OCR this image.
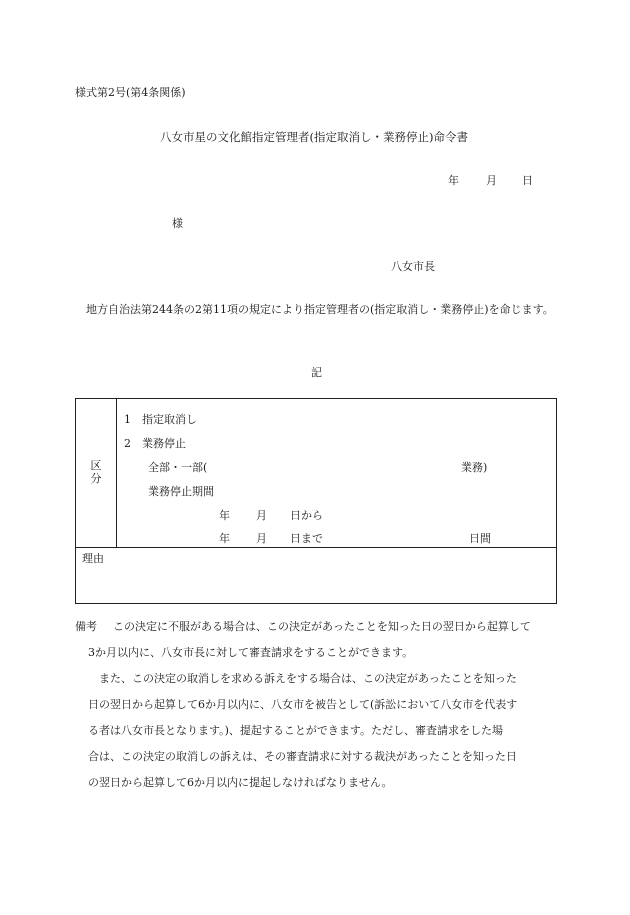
様式第2号(第4条関係)
八女市星の文化館指定管理者(指定取消し・業務停止)命令書
年 月 日
様
八女市長
地方自治法第244条の2第11項の規定により指定管理者の(指定取消し・業務停止)を命じます。
記
区
分
1　指定取消し
2　業務停止
全部・一部(	業務)
業務停止期間
年 月 日から
年 月 日まで	日間
理由
備考 この決定に不服がある場合は、この決定があったことを知った日の翌日から起算して
3か月以内に、八女市長に対して審査請求をすることができます。
また、この決定の取消しを求める訴えをする場合は、この決定があったことを知った
日の翌日から起算して6か月以内に、八女市を被告として(訴訟において八女市を代表す
る者は八女市長となります。)、提起することができます。ただし、審査請求をした場
合は、この決定の取消しの訴えは、その審査請求に対する裁決があったことを知った日
の翌日から起算して6か月以内に提起しなければなりません。
